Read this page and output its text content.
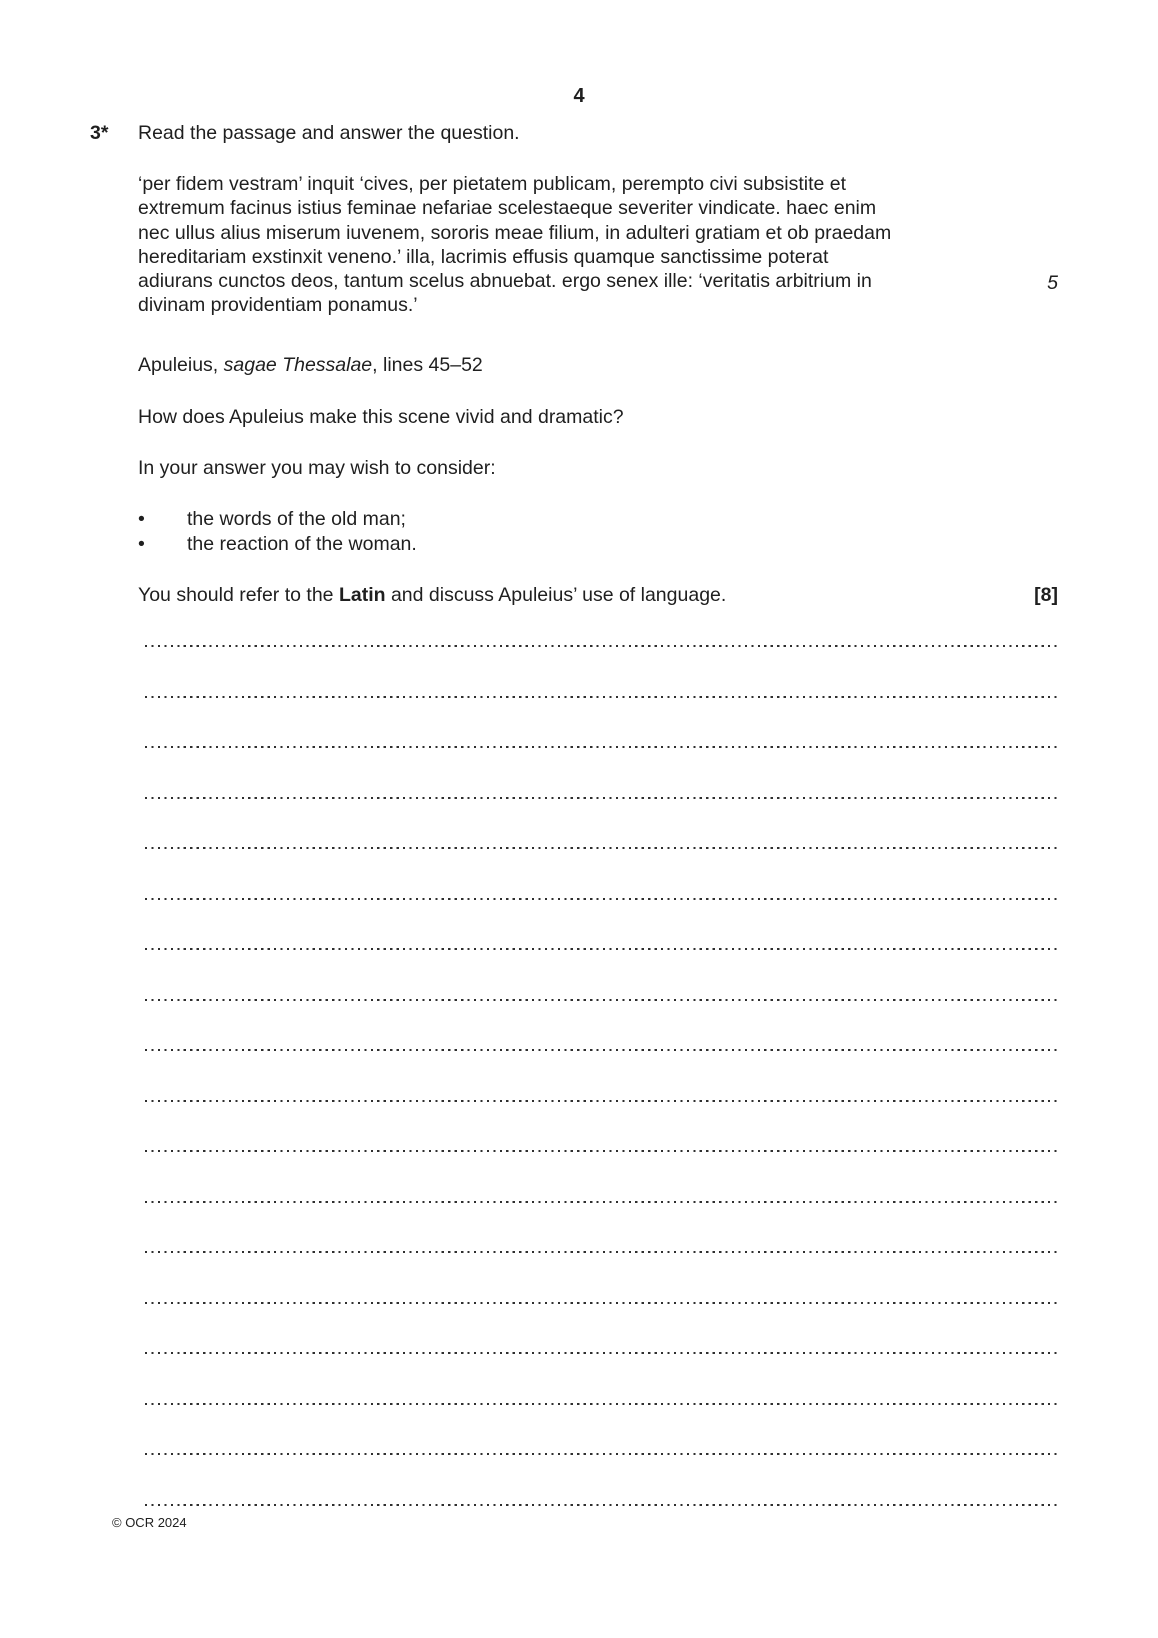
4
3*	Read the passage and answer the question.
‘per fidem vestram’ inquit ‘cives, per pietatem publicam, perempto civi subsistite et
extremum facinus istius feminae nefariae scelestaeque severiter vindicate. haec enim
nec ullus alius miserum iuvenem, sororis meae filium, in adulteri gratiam et ob praedam
hereditariam exstinxit veneno.’ illa, lacrimis effusis quamque sanctissime poterat
adiurans cunctos deos, tantum scelus abnuebat. ergo senex ille: ‘veritatis arbitrium in
divinam providentiam ponamus.’
5
Apuleius, sagae Thessalae, lines 45–52
How does Apuleius make this scene vivid and dramatic?
In your answer you may wish to consider:
•	the words of the old man;
•	the reaction of the woman.
You should refer to the Latin and discuss Apuleius’ use of language.	[8]
© OCR 2024
